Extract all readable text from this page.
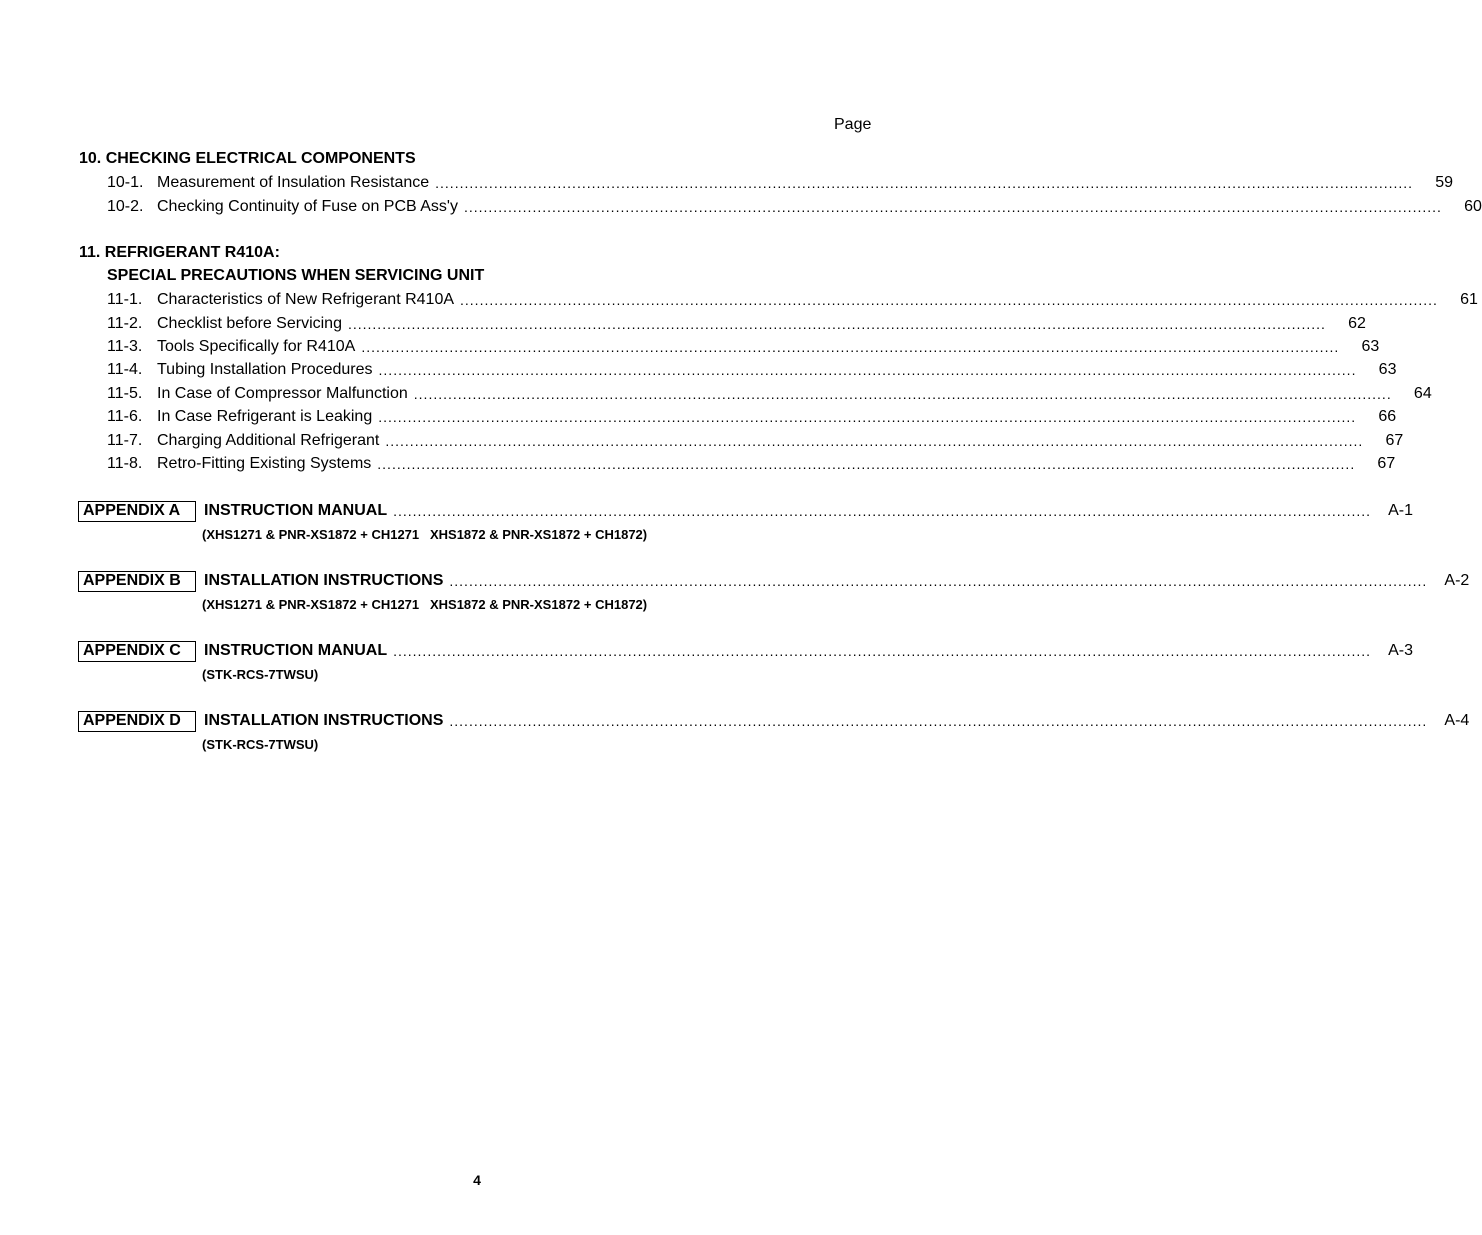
Page
10. CHECKING ELECTRICAL COMPONENTS
10-1. Measurement of Insulation Resistance ........................................................................................................................................................................................................	59
10-2. Checking Continuity of Fuse on PCB Ass'y ........................................................................................................................................................................................................	60
11. REFRIGERANT R410A:
SPECIAL PRECAUTIONS WHEN SERVICING UNIT
11-1. Characteristics of New Refrigerant R410A ........................................................................................................................................................................................................	61
11-2. Checklist before Servicing ........................................................................................................................................................................................................	62
11-3. Tools Specifically for R410A ........................................................................................................................................................................................................	63
11-4. Tubing Installation Procedures ........................................................................................................................................................................................................	63
11-5. In Case of Compressor Malfunction ........................................................................................................................................................................................................	64
11-6. In Case Refrigerant is Leaking ........................................................................................................................................................................................................	66
11-7. Charging Additional Refrigerant ........................................................................................................................................................................................................	67
11-8. Retro-Fitting Existing Systems ........................................................................................................................................................................................................	67
APPENDIX A	INSTRUCTION MANUAL ........................................................................................................................................................................................................ A-1
(XHS1271 & PNR-XS1872 + CH1271   XHS1872 & PNR-XS1872 + CH1872)
APPENDIX B	INSTALLATION INSTRUCTIONS ........................................................................................................................................................................................................ A-2
(XHS1271 & PNR-XS1872 + CH1271   XHS1872 & PNR-XS1872 + CH1872)
APPENDIX C	INSTRUCTION MANUAL ........................................................................................................................................................................................................ A-3
(STK-RCS-7TWSU)
APPENDIX D	INSTALLATION INSTRUCTIONS ........................................................................................................................................................................................................ A-4
(STK-RCS-7TWSU)
4
